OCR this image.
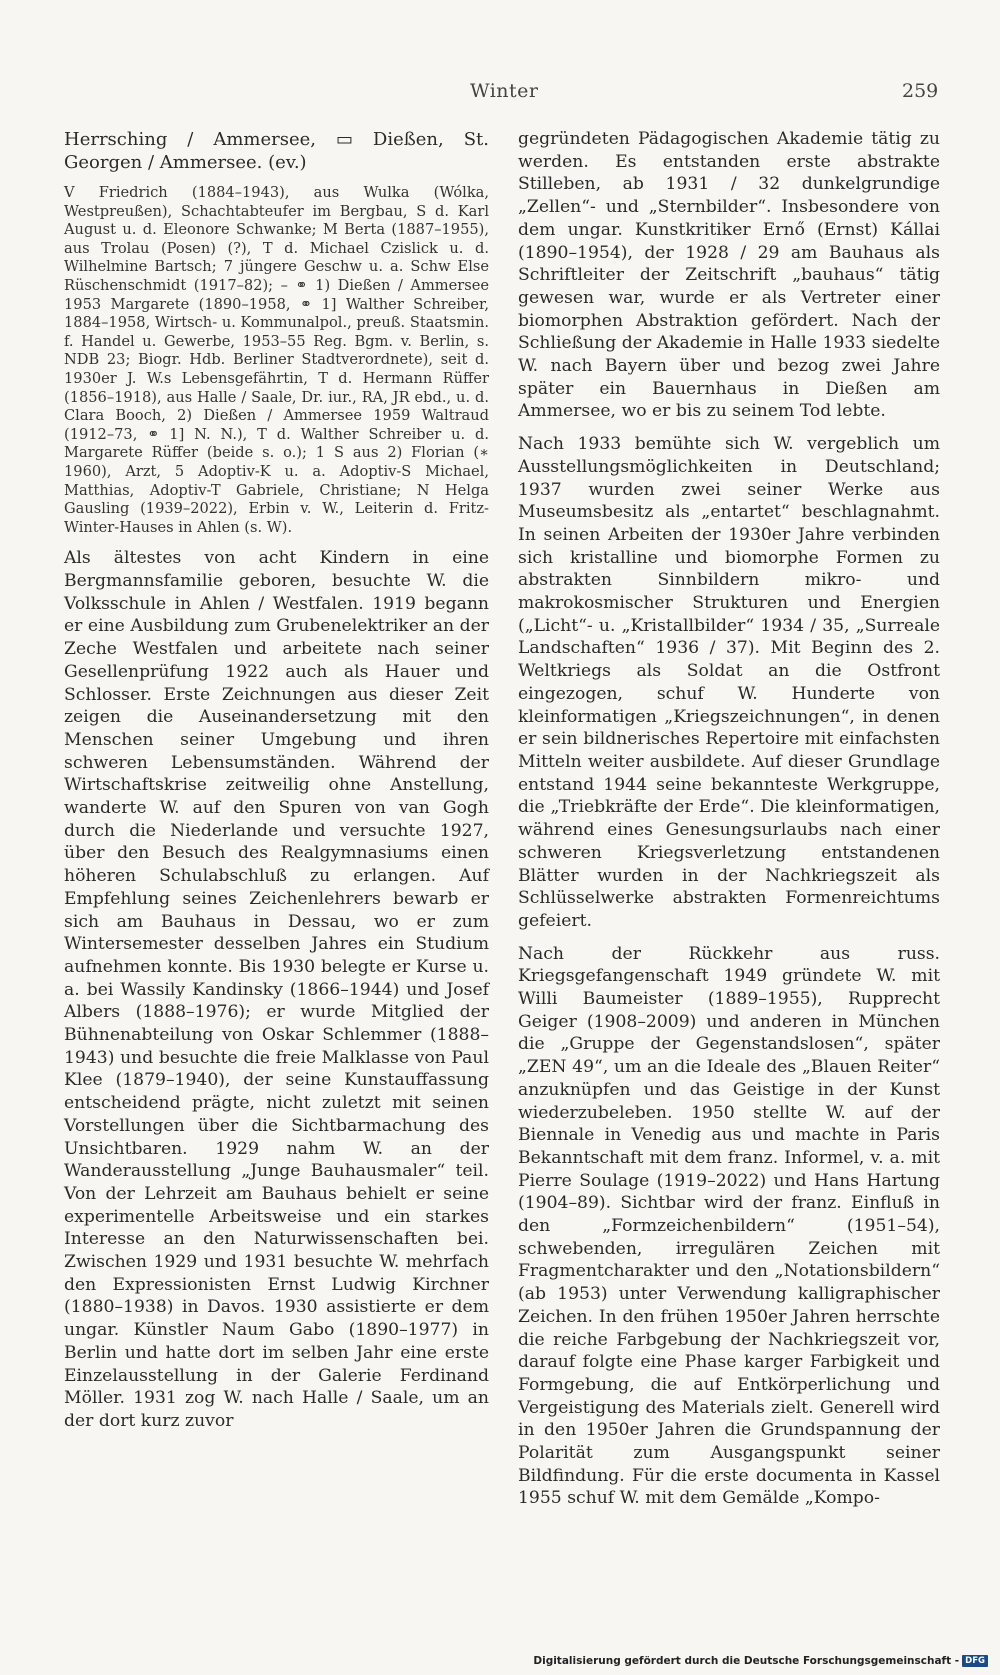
Winter	259

Herrsching / Ammersee, ▭ Dießen, St. Georgen / Ammersee. (ev.)

V Friedrich (1884–1943), aus Wulka (Wólka, Westpreußen), Schachtabteufer im Bergbau, S d. Karl August u. d. Eleonore Schwanke; M Berta (1887–1955), aus Trolau (Posen) (?), T d. Michael Czislick u. d. Wilhelmine Bartsch; 7 jüngere Geschw u. a. Schw Else Rüschenschmidt (1917–82); – ⚭ 1) Dießen / Ammersee 1953 Margarete (1890–1958, ⚭ 1] Walther Schreiber, 1884–1958, Wirtsch- u. Kommunalpol., preuß. Staatsmin. f. Handel u. Gewerbe, 1953–55 Reg. Bgm. v. Berlin, s. NDB 23; Biogr. Hdb. Berliner Stadtverordnete), seit d. 1930er J. W.s Lebensgefährtin, T d. Hermann Rüffer (1856–1918), aus Halle / Saale, Dr. iur., RA, JR ebd., u. d. Clara Booch, 2) Dießen / Ammersee 1959 Waltraud (1912–73, ⚭ 1] N. N.), T d. Walther Schreiber u. d. Margarete Rüffer (beide s. o.); 1 S aus 2) Florian (∗ 1960), Arzt, 5 Adoptiv-K u. a. Adoptiv-S Michael, Matthias, Adoptiv-T Gabriele, Christiane; N Helga Gausling (1939–2022), Erbin v. W., Leiterin d. Fritz-Winter-Hauses in Ahlen (s. W).

Als ältestes von acht Kindern in eine Bergmannsfamilie geboren, besuchte W. die Volksschule in Ahlen / Westfalen. 1919 begann er eine Ausbildung zum Grubenelektriker an der Zeche Westfalen und arbeitete nach seiner Gesellenprüfung 1922 auch als Hauer und Schlosser. Erste Zeichnungen aus dieser Zeit zeigen die Auseinandersetzung mit den Menschen seiner Umgebung und ihren schweren Lebensumständen. Während der Wirtschaftskrise zeitweilig ohne Anstellung, wanderte W. auf den Spuren von van Gogh durch die Niederlande und versuchte 1927, über den Besuch des Realgymnasiums einen höheren Schulabschluß zu erlangen. Auf Empfehlung seines Zeichenlehrers bewarb er sich am Bauhaus in Dessau, wo er zum Wintersemester desselben Jahres ein Studium aufnehmen konnte. Bis 1930 belegte er Kurse u. a. bei Wassily Kandinsky (1866–1944) und Josef Albers (1888–1976); er wurde Mitglied der Bühnenabteilung von Oskar Schlemmer (1888–1943) und besuchte die freie Malklasse von Paul Klee (1879–1940), der seine Kunstauffassung entscheidend prägte, nicht zuletzt mit seinen Vorstellungen über die Sichtbarmachung des Unsichtbaren. 1929 nahm W. an der Wanderausstellung „Junge Bauhausmaler“ teil. Von der Lehrzeit am Bauhaus behielt er seine experimentelle Arbeitsweise und ein starkes Interesse an den Naturwissenschaften bei. Zwischen 1929 und 1931 besuchte W. mehrfach den Expressionisten Ernst Ludwig Kirchner (1880–1938) in Davos. 1930 assistierte er dem ungar. Künstler Naum Gabo (1890–1977) in Berlin und hatte dort im selben Jahr eine erste Einzelausstellung in der Galerie Ferdinand Möller. 1931 zog W. nach Halle / Saale, um an der dort kurz zuvor

gegründeten Pädagogischen Akademie tätig zu werden. Es entstanden erste abstrakte Stilleben, ab 1931 / 32 dunkelgrundige „Zellen“- und „Sternbilder“. Insbesondere von dem ungar. Kunstkritiker Ernő (Ernst) Kállai (1890–1954), der 1928 / 29 am Bauhaus als Schriftleiter der Zeitschrift „bauhaus“ tätig gewesen war, wurde er als Vertreter einer biomorphen Abstraktion gefördert. Nach der Schließung der Akademie in Halle 1933 siedelte W. nach Bayern über und bezog zwei Jahre später ein Bauernhaus in Dießen am Ammersee, wo er bis zu seinem Tod lebte.

Nach 1933 bemühte sich W. vergeblich um Ausstellungsmöglichkeiten in Deutschland; 1937 wurden zwei seiner Werke aus Museumsbesitz als „entartet“ beschlagnahmt. In seinen Arbeiten der 1930er Jahre verbinden sich kristalline und biomorphe Formen zu abstrakten Sinnbildern mikro- und makrokosmischer Strukturen und Energien („Licht“- u. „Kristallbilder“ 1934 / 35, „Surreale Landschaften“ 1936 / 37). Mit Beginn des 2. Weltkriegs als Soldat an die Ostfront eingezogen, schuf W. Hunderte von kleinformatigen „Kriegszeichnungen“, in denen er sein bildnerisches Repertoire mit einfachsten Mitteln weiter ausbildete. Auf dieser Grundlage entstand 1944 seine bekannteste Werkgruppe, die „Triebkräfte der Erde“. Die kleinformatigen, während eines Genesungsurlaubs nach einer schweren Kriegsverletzung entstandenen Blätter wurden in der Nachkriegszeit als Schlüsselwerke abstrakten Formenreichtums gefeiert.

Nach der Rückkehr aus russ. Kriegsgefangenschaft 1949 gründete W. mit Willi Baumeister (1889–1955), Rupprecht Geiger (1908–2009) und anderen in München die „Gruppe der Gegenstandslosen“, später „ZEN 49“, um an die Ideale des „Blauen Reiter“ anzuknüpfen und das Geistige in der Kunst wiederzubeleben. 1950 stellte W. auf der Biennale in Venedig aus und machte in Paris Bekanntschaft mit dem franz. Informel, v. a. mit Pierre Soulage (1919–2022) und Hans Hartung (1904–89). Sichtbar wird der franz. Einfluß in den „Formzeichenbildern“ (1951–54), schwebenden, irregulären Zeichen mit Fragmentcharakter und den „Notationsbildern“ (ab 1953) unter Verwendung kalligraphischer Zeichen. In den frühen 1950er Jahren herrschte die reiche Farbgebung der Nachkriegszeit vor, darauf folgte eine Phase karger Farbigkeit und Formgebung, die auf Entkörperlichung und Vergeistigung des Materials zielt. Generell wird in den 1950er Jahren die Grundspannung der Polarität zum Ausgangspunkt seiner Bildfindung. Für die erste documenta in Kassel 1955 schuf W. mit dem Gemälde „Kompo-

Digitalisierung gefördert durch die Deutsche Forschungsgemeinschaft - DFG
